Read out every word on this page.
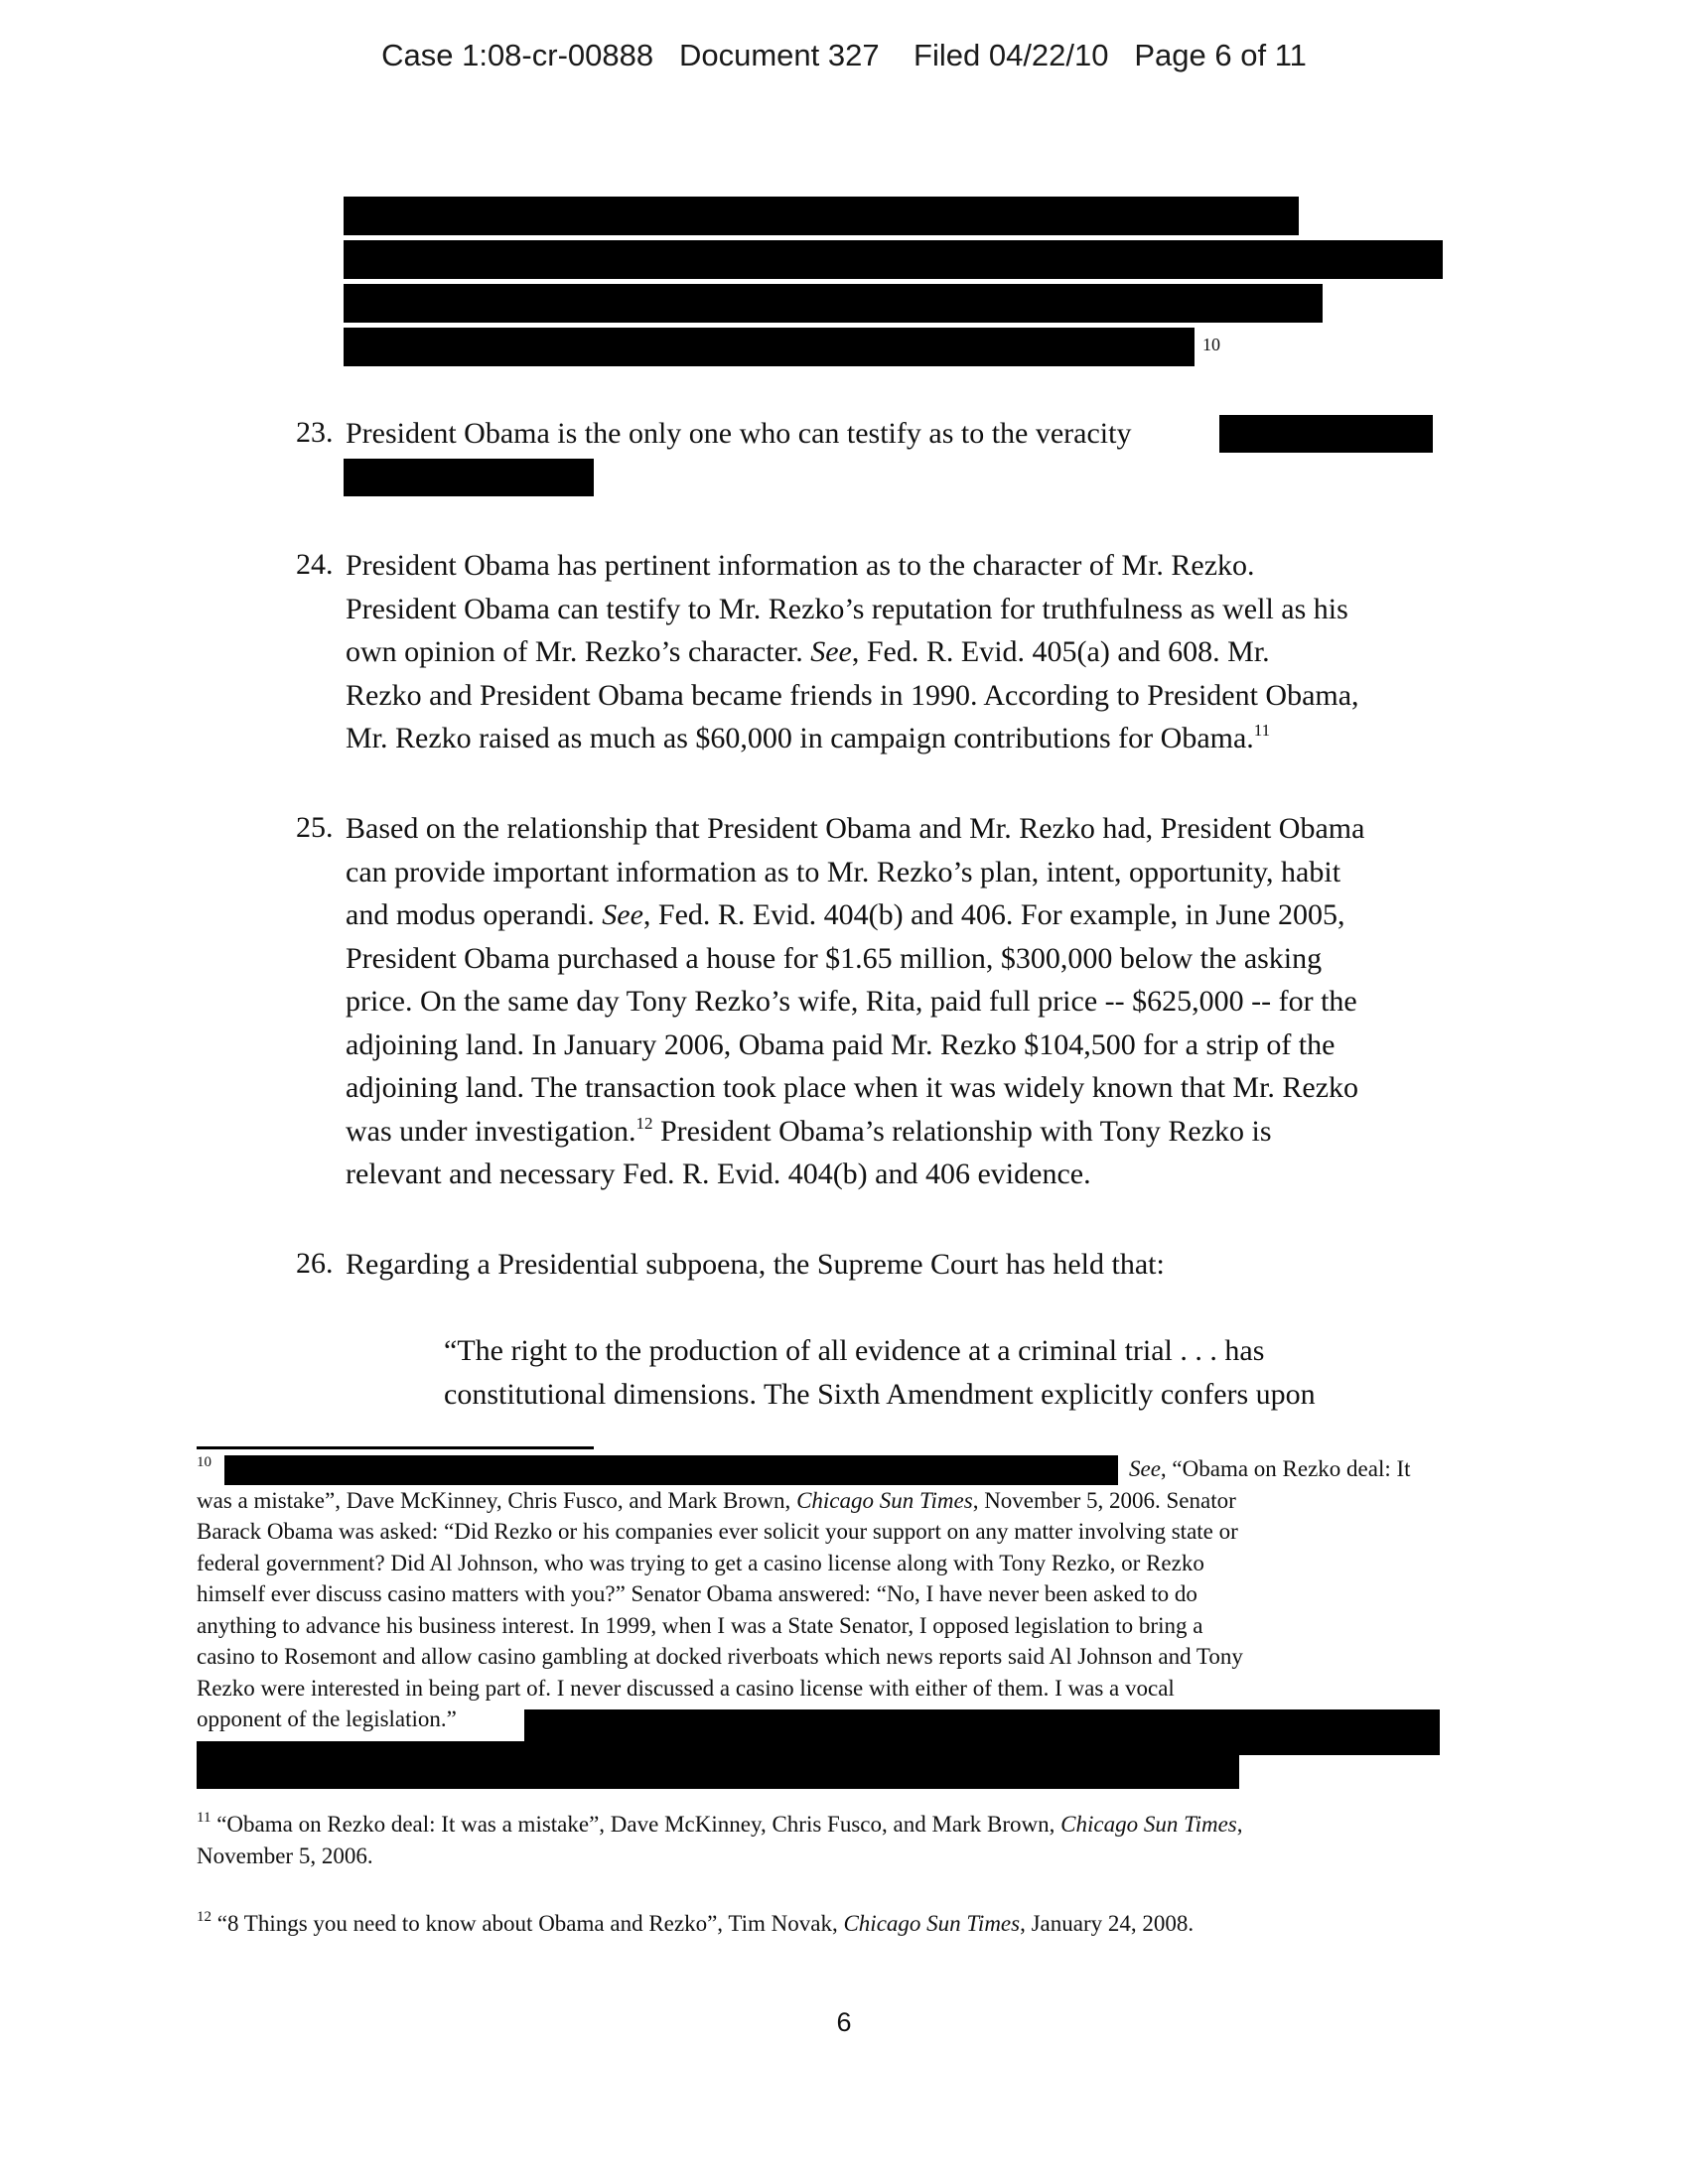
Case 1:08-cr-00888 Document 327 Filed 04/22/10 Page 6 of 11
10
23. President Obama is the only one who can testify as to the veracity
24. President Obama has pertinent information as to the character of Mr. Rezko.
President Obama can testify to Mr. Rezko’s reputation for truthfulness as well as his
own opinion of Mr. Rezko’s character. See, Fed. R. Evid. 405(a) and 608. Mr.
Rezko and President Obama became friends in 1990. According to President Obama,
Mr. Rezko raised as much as $60,000 in campaign contributions for Obama.$^{11}$
25. Based on the relationship that President Obama and Mr. Rezko had, President Obama
can provide important information as to Mr. Rezko’s plan, intent, opportunity, habit
and modus operandi. See, Fed. R. Evid. 404(b) and 406. For example, in June 2005,
President Obama purchased a house for $1.65 million, $300,000 below the asking
price. On the same day Tony Rezko’s wife, Rita, paid full price -- $625,000 -- for the
adjoining land. In January 2006, Obama paid Mr. Rezko $104,500 for a strip of the
adjoining land. The transaction took place when it was widely known that Mr. Rezko
was under investigation.$^{12}$ President Obama’s relationship with Tony Rezko is
relevant and necessary Fed. R. Evid. 404(b) and 406 evidence.
26. Regarding a Presidential subpoena, the Supreme Court has held that:
“The right to the production of all evidence at a criminal trial . . . has
constitutional dimensions. The Sixth Amendment explicitly confers upon
$^{10}$	See, “Obama on Rezko deal: It
was a mistake”, Dave McKinney, Chris Fusco, and Mark Brown, Chicago Sun Times, November 5, 2006. Senator
Barack Obama was asked: “Did Rezko or his companies ever solicit your support on any matter involving state or
federal government? Did Al Johnson, who was trying to get a casino license along with Tony Rezko, or Rezko
himself ever discuss casino matters with you?” Senator Obama answered: “No, I have never been asked to do
anything to advance his business interest. In 1999, when I was a State Senator, I opposed legislation to bring a
casino to Rosemont and allow casino gambling at docked riverboats which news reports said Al Johnson and Tony
Rezko were interested in being part of. I never discussed a casino license with either of them. I was a vocal
opponent of the legislation.”
$^{11}$ “Obama on Rezko deal: It was a mistake”, Dave McKinney, Chris Fusco, and Mark Brown, Chicago Sun Times,
November 5, 2006.
$^{12}$ “8 Things you need to know about Obama and Rezko”, Tim Novak, Chicago Sun Times, January 24, 2008.
6
